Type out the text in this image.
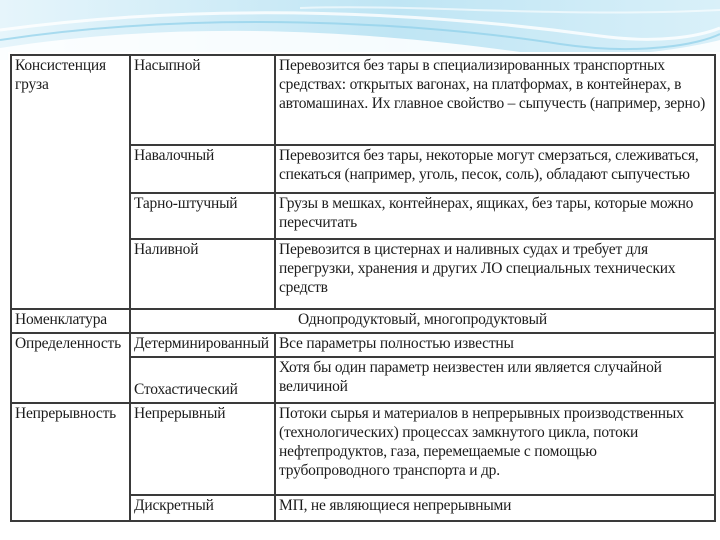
Консистенция груза	Насыпной	Перевозится без тары в специализированных транспортных средствах: открытых вагонах, на платформах, в контейнерах, в автомашинах. Их главное свойство – сыпучесть (например, зерно)
	Навалочный	Перевозится без тары, некоторые могут смерзаться, слеживаться, спекаться (например, уголь, песок, соль), обладают сыпучестью
	Тарно-штучный	Грузы в мешках, контейнерах, ящиках, без тары, которые можно пересчитать
	Наливной	Перевозится в цистернах и наливных судах и требует для перегрузки, хранения и других ЛО специальных технических средств
Номенклатура	Однопродуктовый, многопродуктовый	
Определенность	Детерминированный	Все параметры полностью известны
	Стохастический	Хотя бы один параметр неизвестен или является случайной величиной
Непрерывность	Непрерывный	Потоки сырья и материалов в непрерывных производственных (технологических) процессах замкнутого цикла, потоки нефтепродуктов, газа, перемещаемые с помощью трубопроводного транспорта и др.
	Дискретный	МП, не являющиеся непрерывными
